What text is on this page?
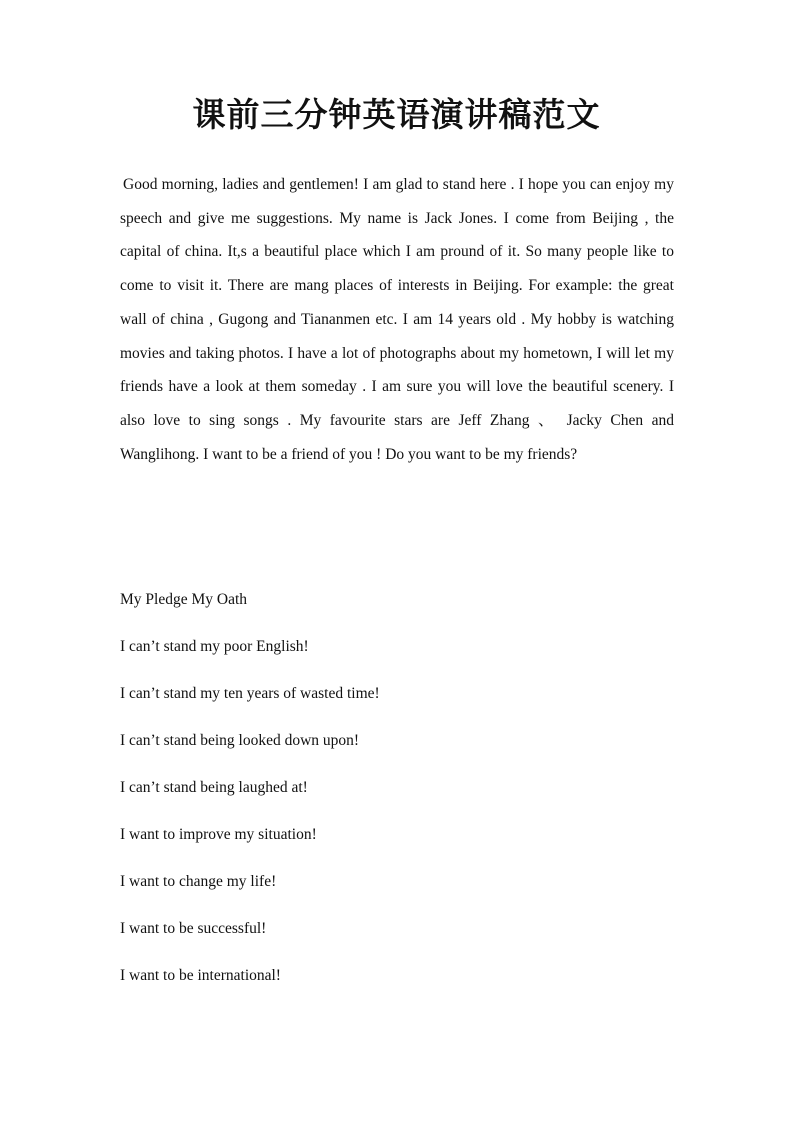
课前三分钟英语演讲稿范文

Good morning, ladies and gentlemen! I am glad to stand here . I hope you can enjoy my speech and give me suggestions. My name is Jack Jones. I come from Beijing , the capital of china. It,s a beautiful place which I am pround of it. So many people like to come to visit it. There are mang places of interests in Beijing. For example: the great wall of china , Gugong and Tiananmen etc. I am 14 years old . My hobby is watching movies and taking photos. I have a lot of photographs about my hometown, I will let my friends have a look at them someday . I am sure you will love the beautiful scenery. I also love to sing songs . My favourite stars are Jeff Zhang 、 Jacky Chen and Wanglihong. I want to be a friend of you ! Do you want to be my friends?

My Pledge My Oath
I can’t stand my poor English!
I can’t stand my ten years of wasted time!
I can’t stand being looked down upon!
I can’t stand being laughed at!
I want to improve my situation!
I want to change my life!
I want to be successful!
I want to be international!
